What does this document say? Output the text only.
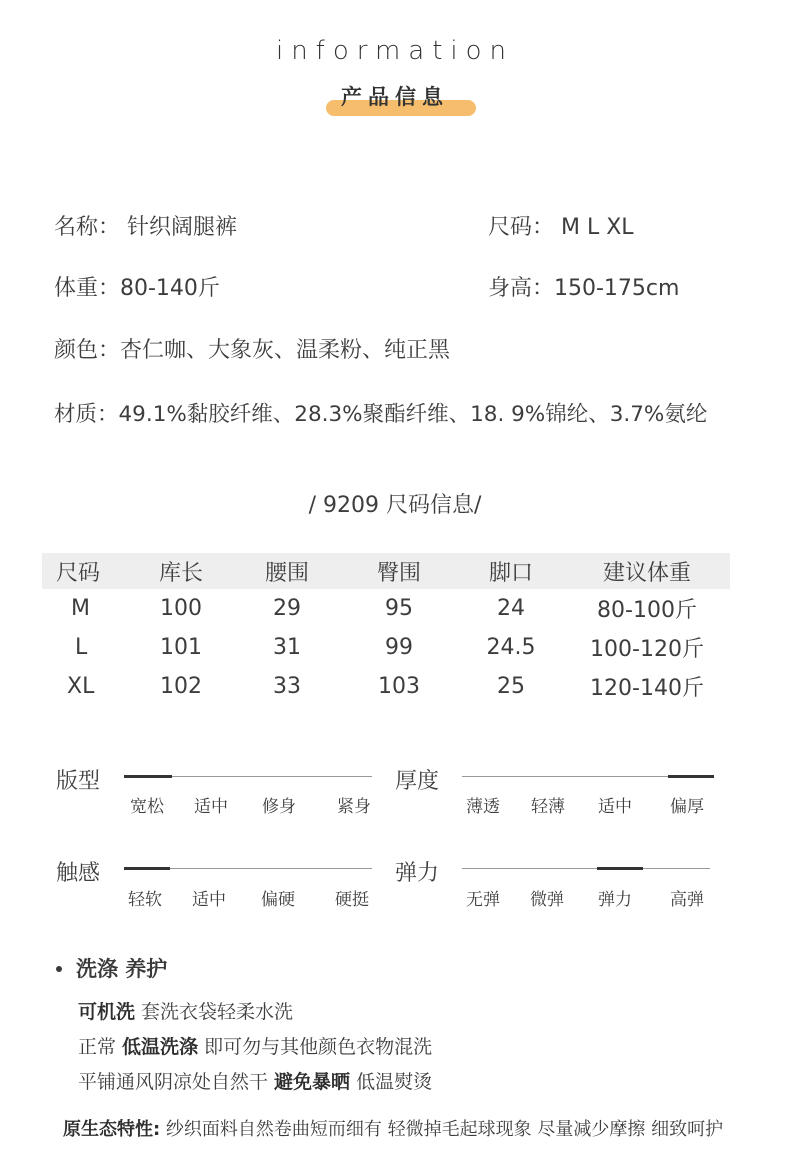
information
产品信息
名称： 针织阔腿裤	尺码： M L XL
体重：80-140斤	身高：150-175cm
颜色：杏仁咖、大象灰、温柔粉、纯正黑
材质：49.1%黏胶纤维、28.3%聚酯纤维、18. 9%锦纶、3.7%氨纶
/ 9209 尺码信息/
尺码	库长	腰围	臀围	脚口	建议体重
M	100	29	95	24	80-100斤
L	101	31	99	24.5	100-120斤
XL	102	33	103	25	120-140斤
版型
宽松 适中 修身 紧身
厚度
薄透 轻薄 适中 偏厚
触感
轻软 适中 偏硬 硬挺
弹力
无弹 微弹 弹力 高弹
洗涤 养护
可机洗 套洗衣袋轻柔水洗
正常 低温洗涤 即可勿与其他颜色衣物混洗
平铺通风阴凉处自然干 避免暴晒 低温熨烫
原生态特性: 纱织面料自然卷曲短而细有 轻微掉毛起球现象 尽量减少摩擦 细致呵护
